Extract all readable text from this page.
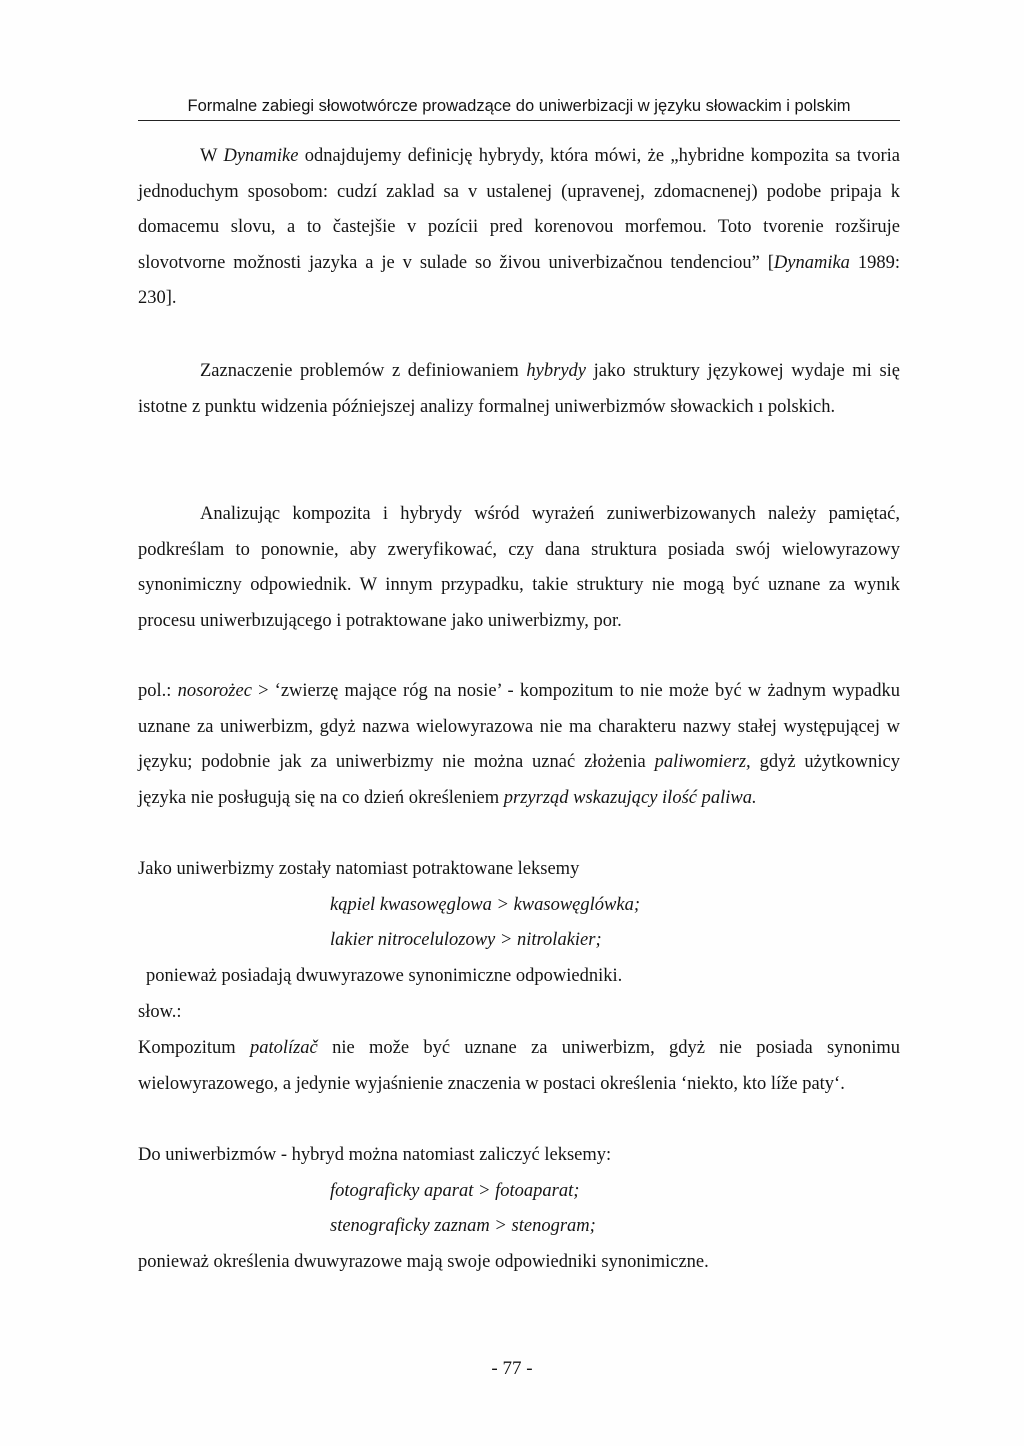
Formalne zabiegi słowotwórcze prowadzące do uniwerbizacji w języku słowackim i polskim
W Dynamike odnajdujemy definicję hybrydy, która mówi, że „hybridne kompozita sa tvoria jednoduchym sposobom: cudzí zaklad sa v ustalenej (upravenej, zdomacnenej) podobe pripaja k domacemu slovu, a to častejšie v pozícii pred korenovou morfemou. Toto tvorenie rozširuje slovotvorne možnosti jazyka a je v sulade so živou univerbizačnou tendenciou” [Dynamika 1989: 230].
Zaznaczenie problemów z definiowaniem hybrydy jako struktury językowej wydaje mi się istotne z punktu widzenia późniejszej analizy formalnej uniwerbizmów słowackich ı polskich.
Analizując kompozita i hybrydy wśród wyrażeń zuniwerbizowanych należy pamiętać, podkreślam to ponownie, aby zweryfikować, czy dana struktura posiada swój wielowyrazowy synonimiczny odpowiednik. W innym przypadku, takie struktury nie mogą być uznane za wynık procesu uniwerbızującego i potraktowane jako uniwerbizmy, por.
pol.: nosorożec > ‘zwierzę mające róg na nosie’ - kompozitum to nie może być w żadnym wypadku uznane za uniwerbizm, gdyż nazwa wielowyrazowa nie ma charakteru nazwy stałej występującej w języku; podobnie jak za uniwerbizmy nie można uznać złożenia paliwomierz, gdyż użytkownicy języka nie posługują się na co dzień określeniem przyrząd wskazujący ilość paliwa.
Jako uniwerbizmy zostały natomiast potraktowane leksemy
kąpiel kwasowęglowa > kwasowęglówka;
lakier nitrocelulozowy > nitrolakier;
ponieważ posiadają dwuwyrazowe synonimiczne odpowiedniki.
słow.:
Kompozitum patolízač nie može być uznane za uniwerbizm, gdyż nie posiada synonimu wielowyrazowego, a jedynie wyjaśnienie znaczenia w postaci określenia ‘niekto, kto líže paty‘.
Do uniwerbizmów - hybryd można natomiast zaliczyć leksemy:
fotograficky aparat > fotoaparat;
stenograficky zaznam > stenogram;
ponieważ określenia dwuwyrazowe mają swoje odpowiedniki synonimiczne.
- 77 -
